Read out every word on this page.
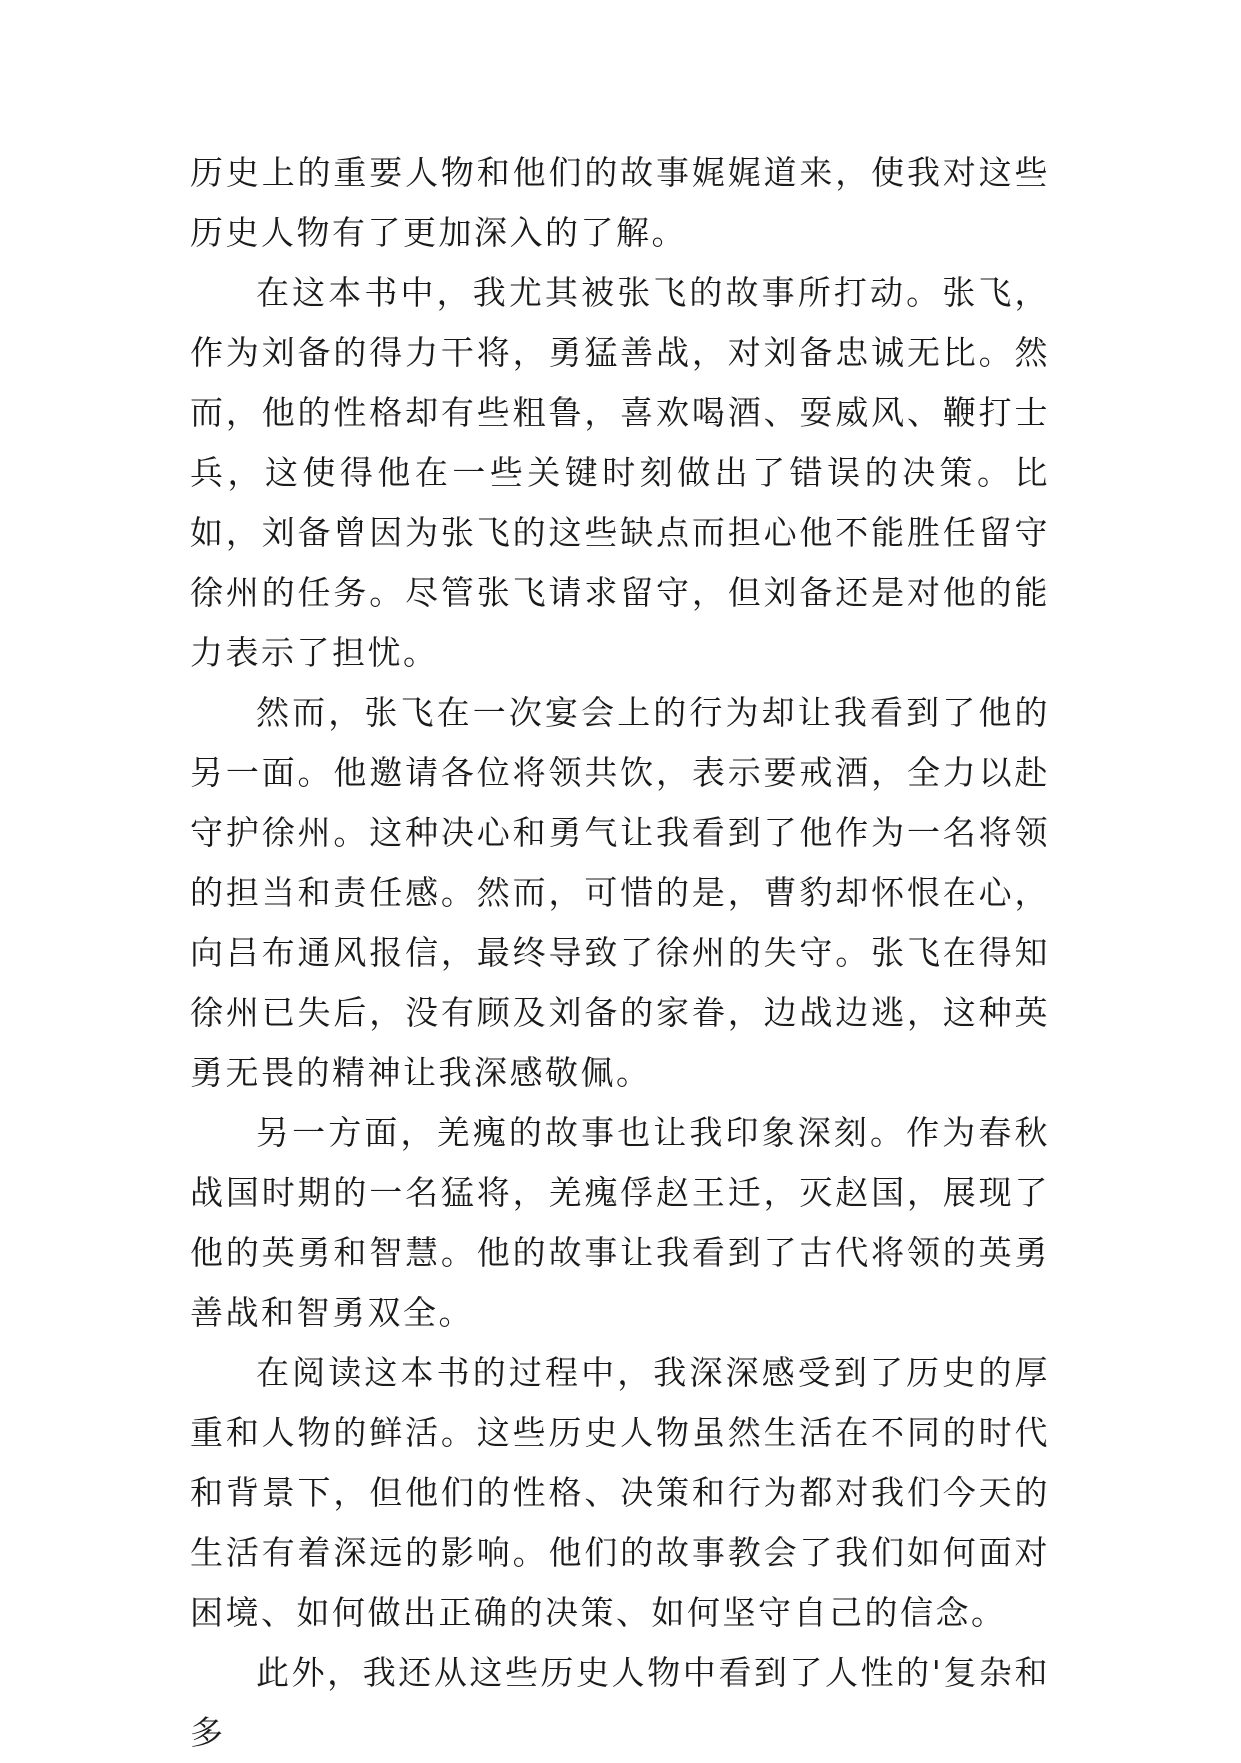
历史上的重要人物和他们的故事娓娓道来，使我对这些历史人物有了更加深入的了解。

在这本书中，我尤其被张飞的故事所打动。张飞，作为刘备的得力干将，勇猛善战，对刘备忠诚无比。然而，他的性格却有些粗鲁，喜欢喝酒、耍威风、鞭打士兵，这使得他在一些关键时刻做出了错误的决策。比如，刘备曾因为张飞的这些缺点而担心他不能胜任留守徐州的任务。尽管张飞请求留守，但刘备还是对他的能力表示了担忧。

然而，张飞在一次宴会上的行为却让我看到了他的另一面。他邀请各位将领共饮，表示要戒酒，全力以赴守护徐州。这种决心和勇气让我看到了他作为一名将领的担当和责任感。然而，可惜的是，曹豹却怀恨在心，向吕布通风报信，最终导致了徐州的失守。张飞在得知徐州已失后，没有顾及刘备的家眷，边战边逃，这种英勇无畏的精神让我深感敬佩。

另一方面，羌瘣的故事也让我印象深刻。作为春秋战国时期的一名猛将，羌瘣俘赵王迁，灭赵国，展现了他的英勇和智慧。他的故事让我看到了古代将领的英勇善战和智勇双全。

在阅读这本书的过程中，我深深感受到了历史的厚重和人物的鲜活。这些历史人物虽然生活在不同的时代和背景下，但他们的性格、决策和行为都对我们今天的生活有着深远的影响。他们的故事教会了我们如何面对困境、如何做出正确的决策、如何坚守自己的信念。

此外，我还从这些历史人物中看到了人性的'复杂和多
